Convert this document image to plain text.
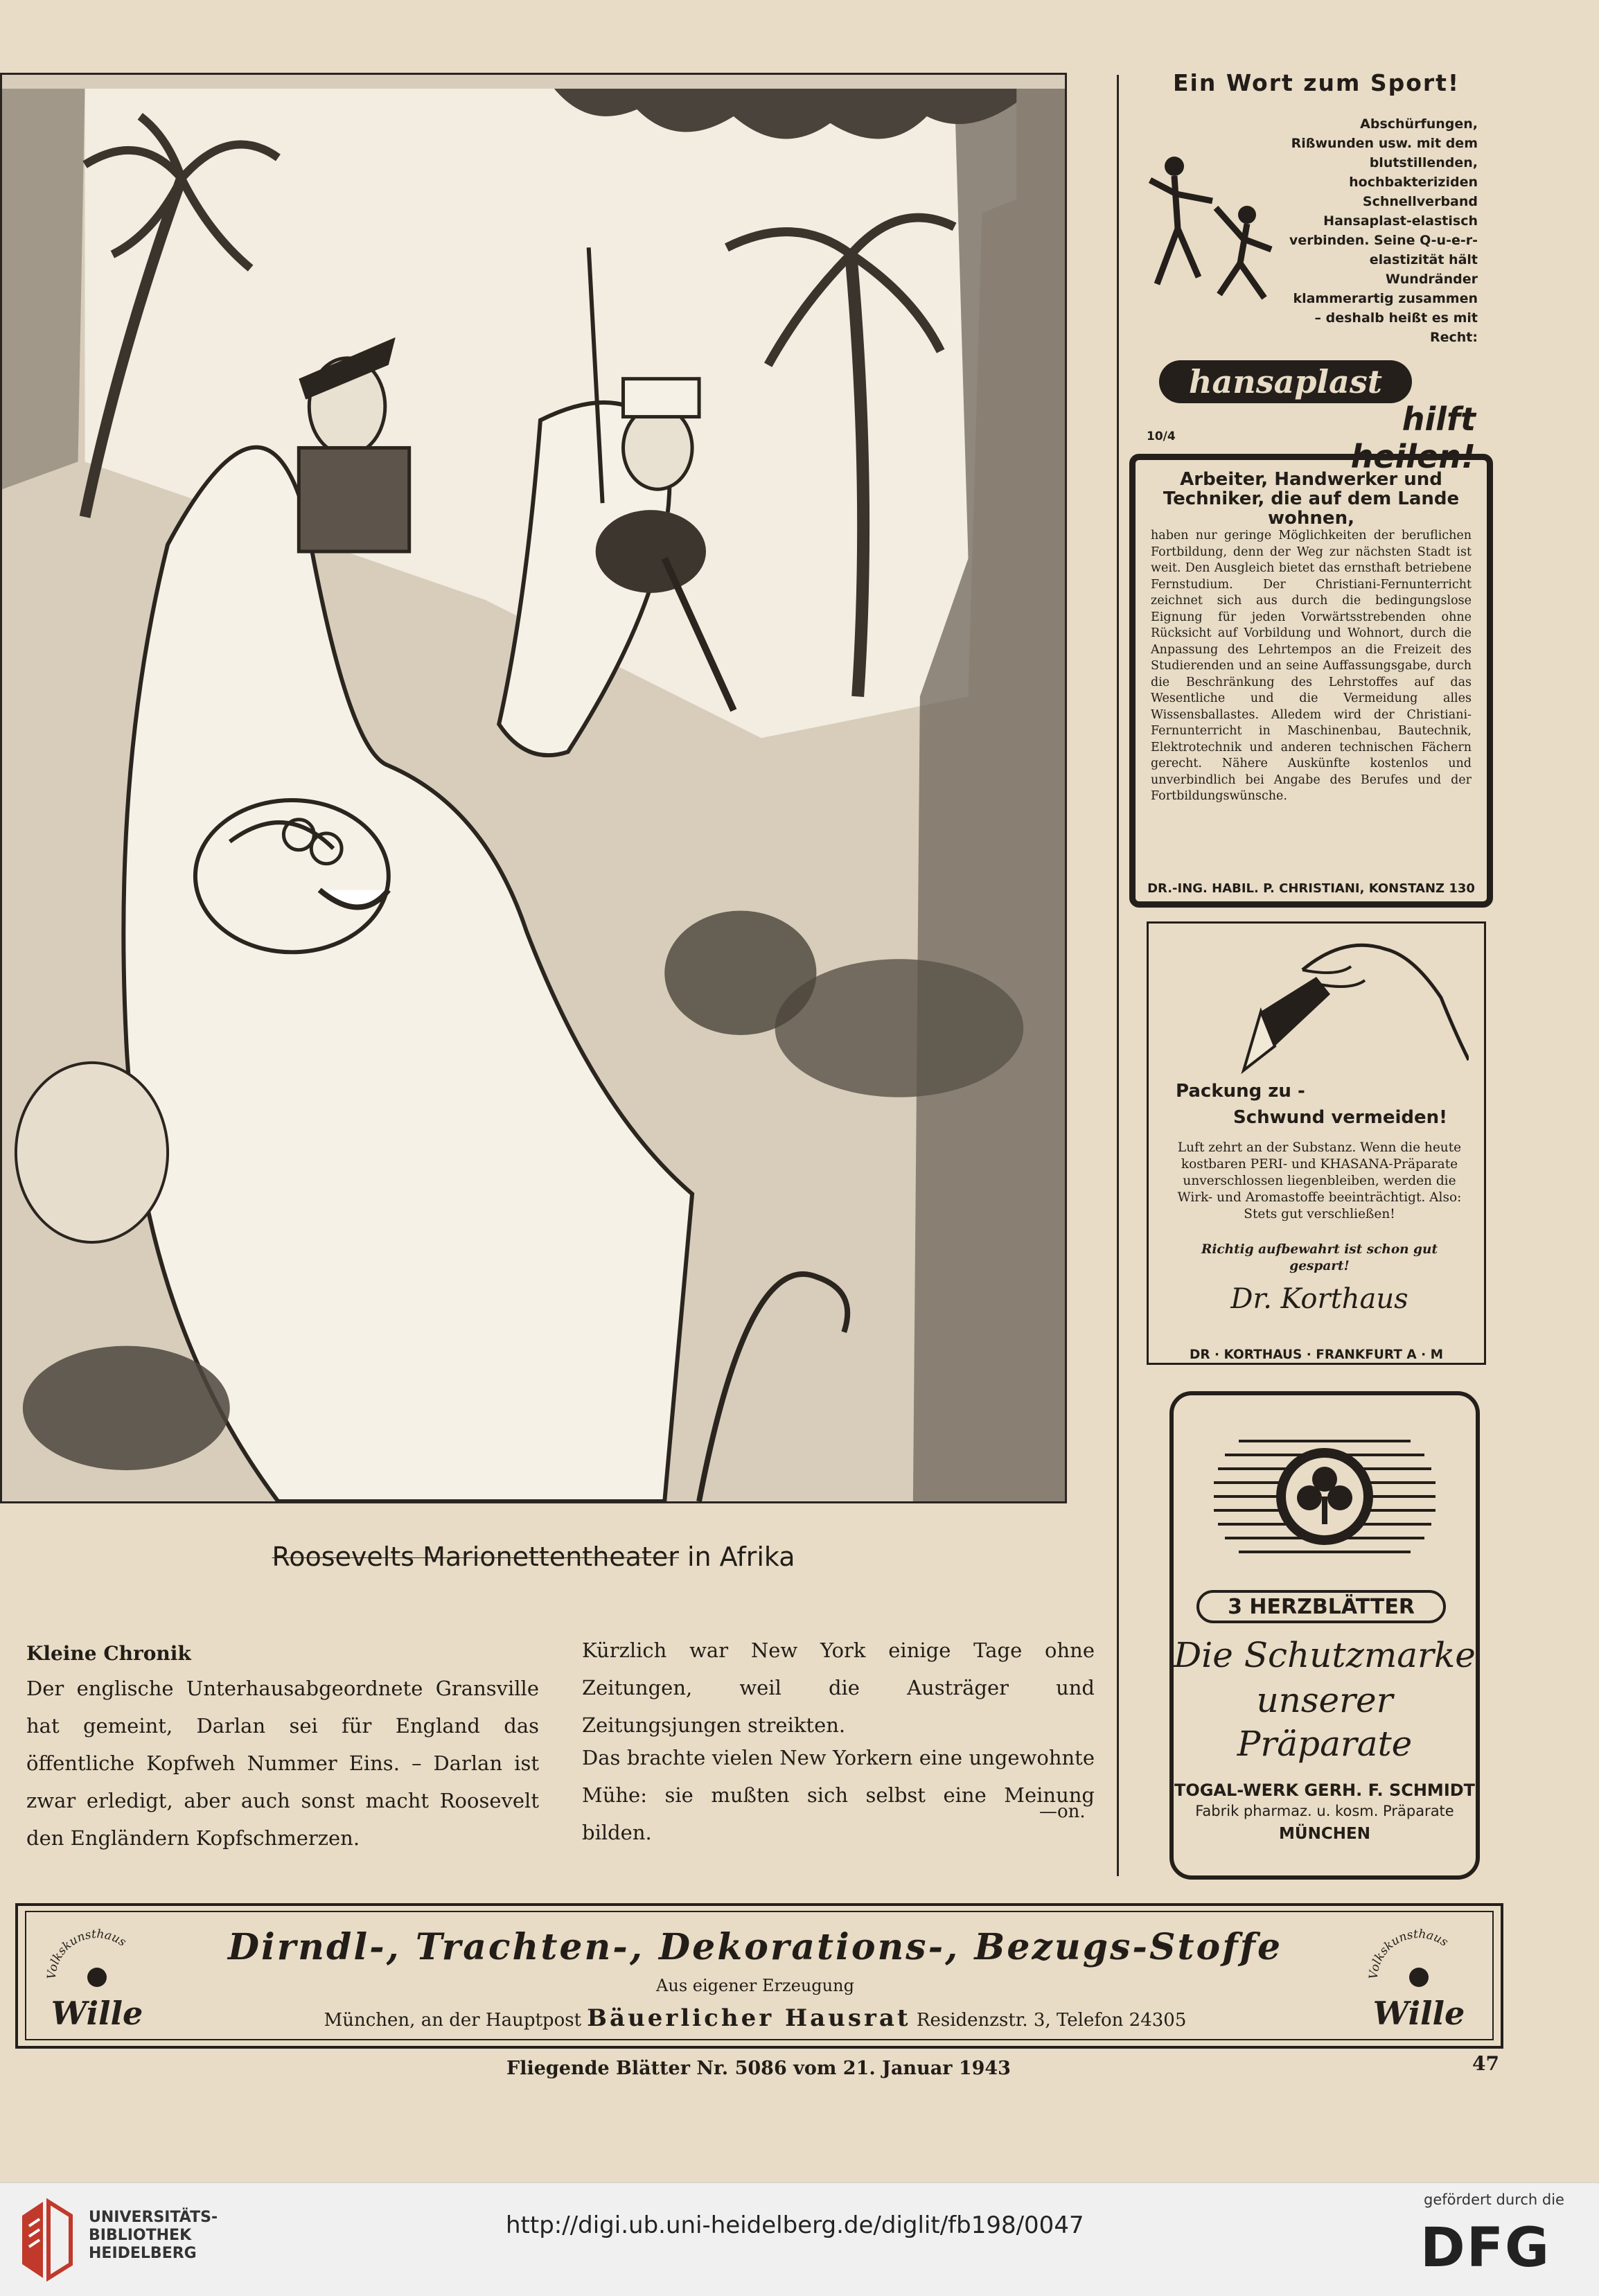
Roosevelts Marionettentheater in Afrika
Kleine Chronik
Der englische Unterhausabgeordnete Gransville hat gemeint, Darlan sei für England das öffentliche Kopfweh Nummer Eins. – Darlan ist zwar erledigt, aber auch sonst macht Roosevelt den Engländern Kopfschmerzen.
Kürzlich war New York einige Tage ohne Zeitungen, weil die Austräger und Zeitungsjungen streikten.
Das brachte vielen New Yorkern eine ungewohnte Mühe: sie mußten sich selbst eine Meinung bilden.
—on.
Ein Wort zum Sport!
Abschürfungen, Rißwunden usw. mit dem blutstillenden, hochbakteriziden Schnellverband Hansaplast-elastisch verbinden. Seine Q-u-e-r-elastizität hält Wundränder klammerartig zusammen – deshalb heißt es mit Recht:
hansaplast
hilft heilen!
10/4
Arbeiter, Handwerker und Techniker, die auf dem Lande wohnen,
haben nur geringe Möglichkeiten der beruflichen Fortbildung, denn der Weg zur nächsten Stadt ist weit. Den Ausgleich bietet das ernsthaft betriebene Fernstudium. Der Christiani-Fernunterricht zeichnet sich aus durch die bedingungslose Eignung für jeden Vorwärtsstrebenden ohne Rücksicht auf Vorbildung und Wohnort, durch die Anpassung des Lehrtempos an die Freizeit des Studierenden und an seine Auffassungsgabe, durch die Beschränkung des Lehrstoffes auf das Wesentliche und die Vermeidung alles Wissensballastes. Alledem wird der Christiani-Fernunterricht in Maschinenbau, Bautechnik, Elektrotechnik und anderen technischen Fächern gerecht. Nähere Auskünfte kostenlos und unverbindlich bei Angabe des Berufes und der Fortbildungswünsche.
DR.-ING. HABIL. P. CHRISTIANI, KONSTANZ 130
Packung zu -
Schwund vermeiden!
Luft zehrt an der Substanz. Wenn die heute kostbaren PERI- und KHASANA-Präparate unverschlossen liegenbleiben, werden die Wirk- und Aromastoffe beeinträchtigt. Also: Stets gut verschließen!
Richtig aufbewahrt ist schon gut gespart!
Dr. Korthaus
DR · KORTHAUS · FRANKFURT A · M
3 HERZBLÄTTER
Die Schutzmarke
unserer
Präparate
TOGAL-WERK GERH. F. SCHMIDT
Fabrik pharmaz. u. kosm. Präparate
MÜNCHEN
Volkskunsthaus
Wille
Volkskunsthaus
Wille
Dirndl-, Trachten-, Dekorations-, Bezugs-Stoffe
Aus eigener Erzeugung
München, an der Hauptpost Bäuerlicher Hausrat Residenzstr. 3, Telefon 24305
Fliegende Blätter Nr. 5086 vom 21. Januar 1943	47
UNIVERSITÄTS-
BIBLIOTHEK
HEIDELBERG
http://digi.ub.uni-heidelberg.de/diglit/fb198/0047
gefördert durch die
DFG
